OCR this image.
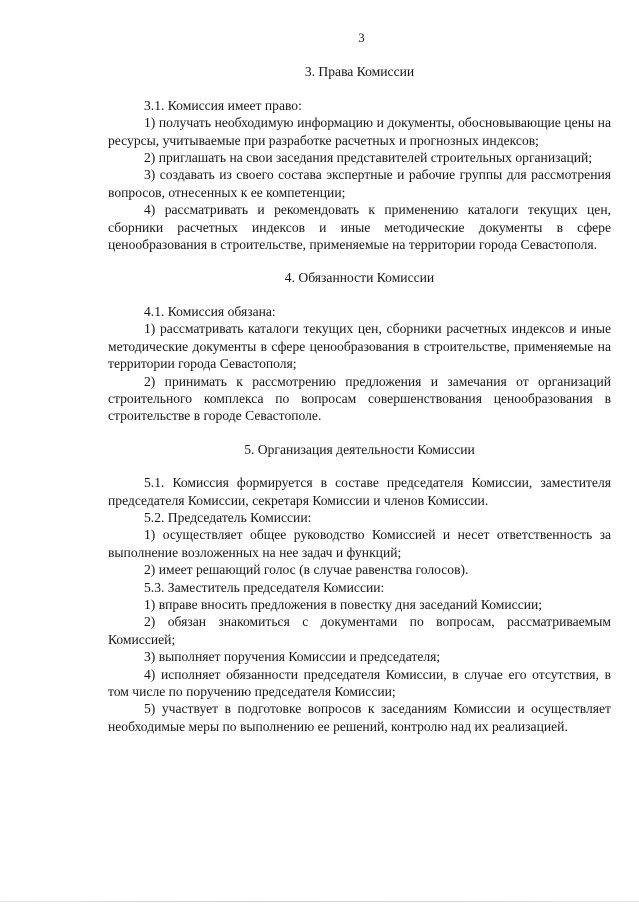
3
3. Права Комиссии

3.1. Комиссия имеет право:

1) получать необходимую информацию и документы, обосновывающие цены на ресурсы, учитываемые при разработке расчетных и прогнозных индексов;

2) приглашать на свои заседания представителей строительных организаций;

3) создавать из своего состава экспертные и рабочие группы для рассмотрения вопросов, отнесенных к ее компетенции;

4) рассматривать и рекомендовать к применению каталоги текущих цен, сборники расчетных индексов и иные методические документы в сфере ценообразования в строительстве, применяемые на территории города Севастополя.

4. Обязанности Комиссии

4.1. Комиссия обязана:

1) рассматривать каталоги текущих цен, сборники расчетных индексов и иные методические документы в сфере ценообразования в строительстве, применяемые на территории города Севастополя;

2) принимать к рассмотрению предложения и замечания от организаций строительного комплекса по вопросам совершенствования ценообразования в строительстве в городе Севастополе.

5. Организация деятельности Комиссии

5.1. Комиссия формируется в составе председателя Комиссии, заместителя председателя Комиссии, секретаря Комиссии и членов Комиссии.

5.2. Председатель Комиссии:

1) осуществляет общее руководство Комиссией и несет ответственность за выполнение возложенных на нее задач и функций;

2) имеет решающий голос (в случае равенства голосов).

5.3. Заместитель председателя Комиссии:

1) вправе вносить предложения в повестку дня заседаний Комиссии;

2) обязан знакомиться с документами по вопросам, рассматриваемым Комиссией;

3) выполняет поручения Комиссии и председателя;

4) исполняет обязанности председателя Комиссии, в случае его отсутствия, в том числе по поручению председателя Комиссии;

5) участвует в подготовке вопросов к заседаниям Комиссии и осуществляет необходимые меры по выполнению ее решений, контролю над их реализацией.
